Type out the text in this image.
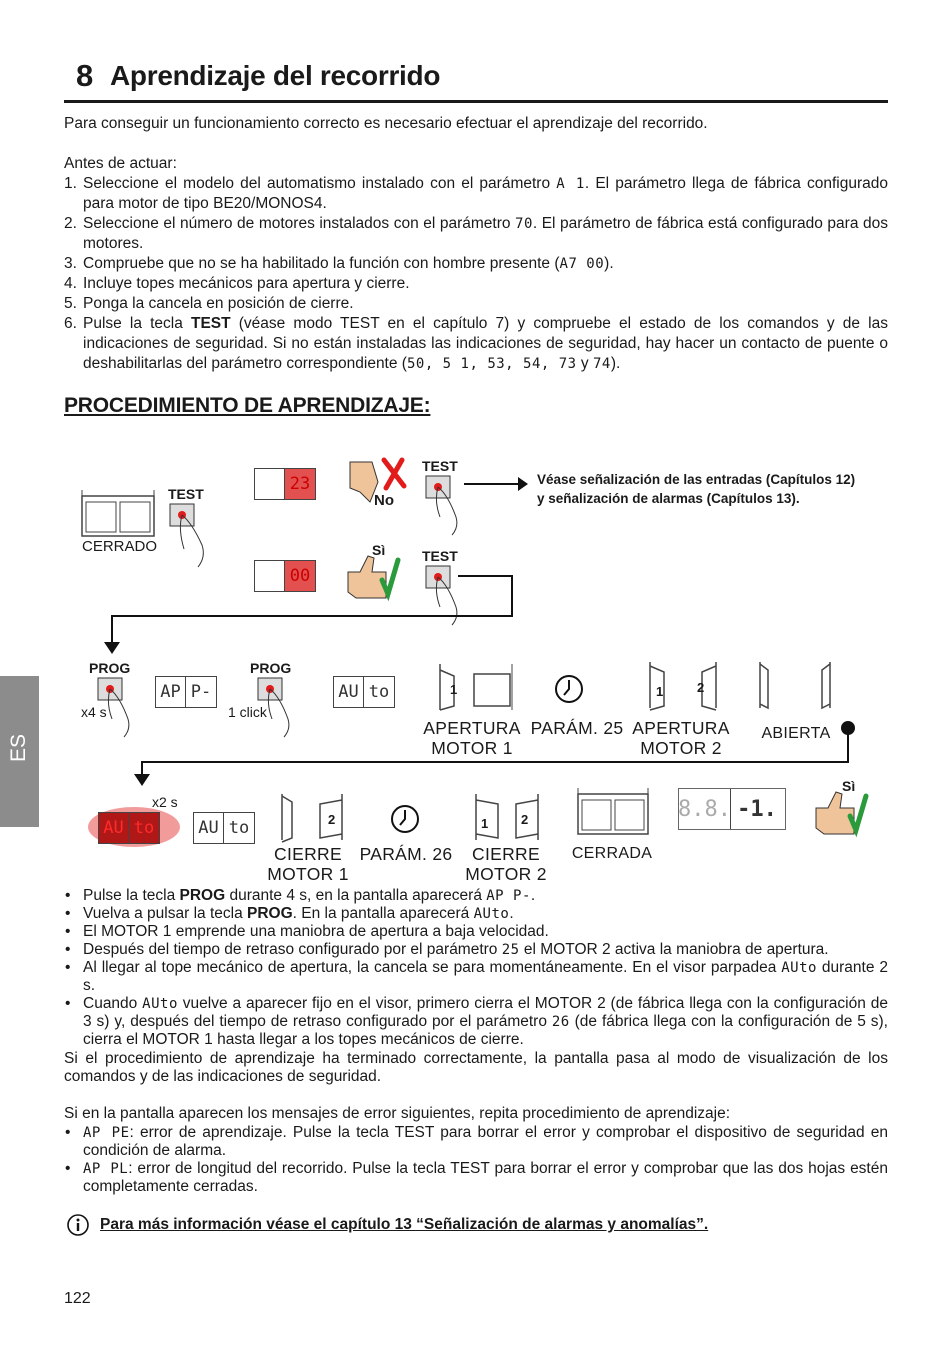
8 Aprendizaje del recorrido
Para conseguir un funcionamiento correcto es necesario efectuar el aprendizaje del recorrido.
Antes de actuar:
1. Seleccione el modelo del automatismo instalado con el parámetro A 1. El parámetro llega de fábrica configurado para motor de tipo BE20/MONOS4.
2. Seleccione el número de motores instalados con el parámetro 70. El parámetro de fábrica está configurado para dos motores.
3. Compruebe que no se ha habilitado la función con hombre presente (A7 00).
4. Incluye topes mecánicos para apertura y cierre.
5. Ponga la cancela en posición de cierre.
6. Pulse la tecla TEST (véase modo TEST en el capítulo 7) y compruebe el estado de los comandos y de las indicaciones de seguridad. Si no están instaladas las indicaciones de seguridad, hay hacer un contacto de puente o deshabilitarlas del parámetro correspondiente (50, 5 1, 53, 54, 73 y 74).
PROCEDIMIENTO DE APRENDIZAJE:
ES
CERRADO
TEST	2 3
0 0
No
Sì
TEST
TEST
Véase señalización de las entradas (Capítulos 12)
y señalización de alarmas (Capítulos 13).
PROG
x4 s
AP P-
PROG
1 click
AU to	1
APERTURA
MOTOR 1
PARÁM. 25
1	2
APERTURA
MOTOR 2
ABIERTA
x2 s
AU to	AU to	2
CIERRE
MOTOR 1
PARÁM. 26
1	2
CIERRE
MOTOR 2
CERRADA
8.8. -1.
Sì
• Pulse la tecla PROG durante 4 s, en la pantalla aparecerá AP P-.
• Vuelva a pulsar la tecla PROG. En la pantalla aparecerá AUto.
• El MOTOR 1 emprende una maniobra de apertura a baja velocidad.
• Después del tiempo de retraso configurado por el parámetro 25 el MOTOR 2 activa la maniobra de apertura.
• Al llegar al tope mecánico de apertura, la cancela se para momentáneamente. En el visor parpadea AUto durante 2 s.
• Cuando AUto vuelve a aparecer fijo en el visor, primero cierra el MOTOR 2 (de fábrica llega con la configuración de 3 s) y, después del tiempo de retraso configurado por el parámetro 26 (de fábrica llega con la configuración de 5 s), cierra el MOTOR 1 hasta llegar a los topes mecánicos de cierre.
Si el procedimiento de aprendizaje ha terminado correctamente, la pantalla pasa al modo de visualización de los comandos y de las indicaciones de seguridad.
Si en la pantalla aparecen los mensajes de error siguientes, repita procedimiento de aprendizaje:
• AP PE: error de aprendizaje. Pulse la tecla TEST para borrar el error y comprobar el dispositivo de seguridad en condición de alarma.
• AP PL: error de longitud del recorrido. Pulse la tecla TEST para borrar el error y comprobar que las dos hojas estén completamente cerradas.
Para más información véase el capítulo 13 “Señalización de alarmas y anomalías”.
122
